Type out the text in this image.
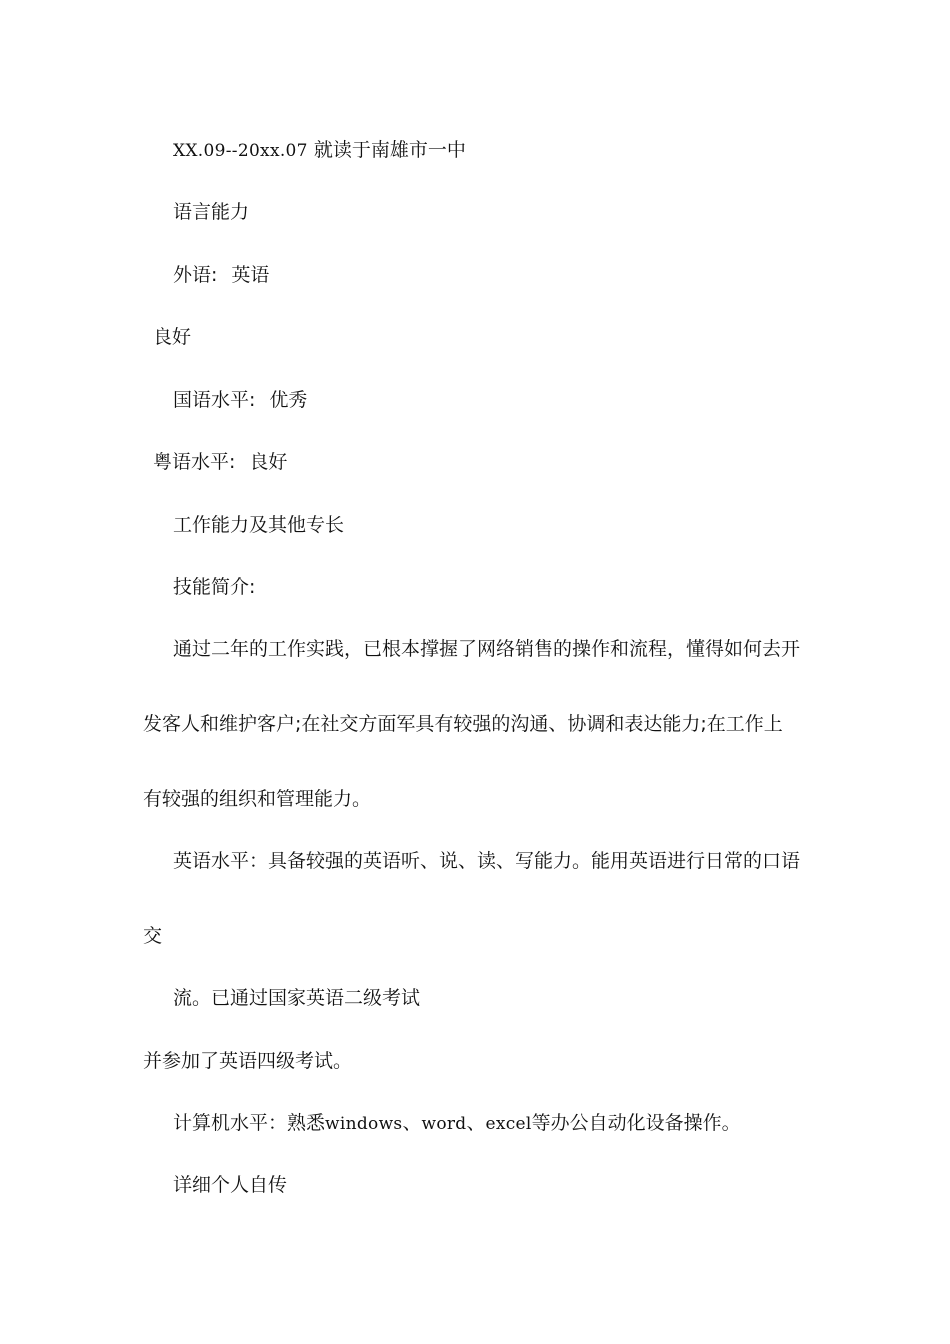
XX.09--20xx.07 就读于南雄市一中
语言能力
外语: 英语
良好
国语水平: 优秀
粤语水平: 良好
工作能力及其他专长
技能简介:
通过二年的工作实践，已根本撑握了网络销售的操作和流程，懂得如何去开
发客人和维护客户;在社交方面军具有较强的沟通、协调和表达能力;在工作上
有较强的组织和管理能力。
英语水平：具备较强的英语听、说、读、写能力。能用英语进行日常的口语
交
流。已通过国家英语二级考试
并参加了英语四级考试。
计算机水平：熟悉windows、word、excel等办公自动化设备操作。
详细个人自传
